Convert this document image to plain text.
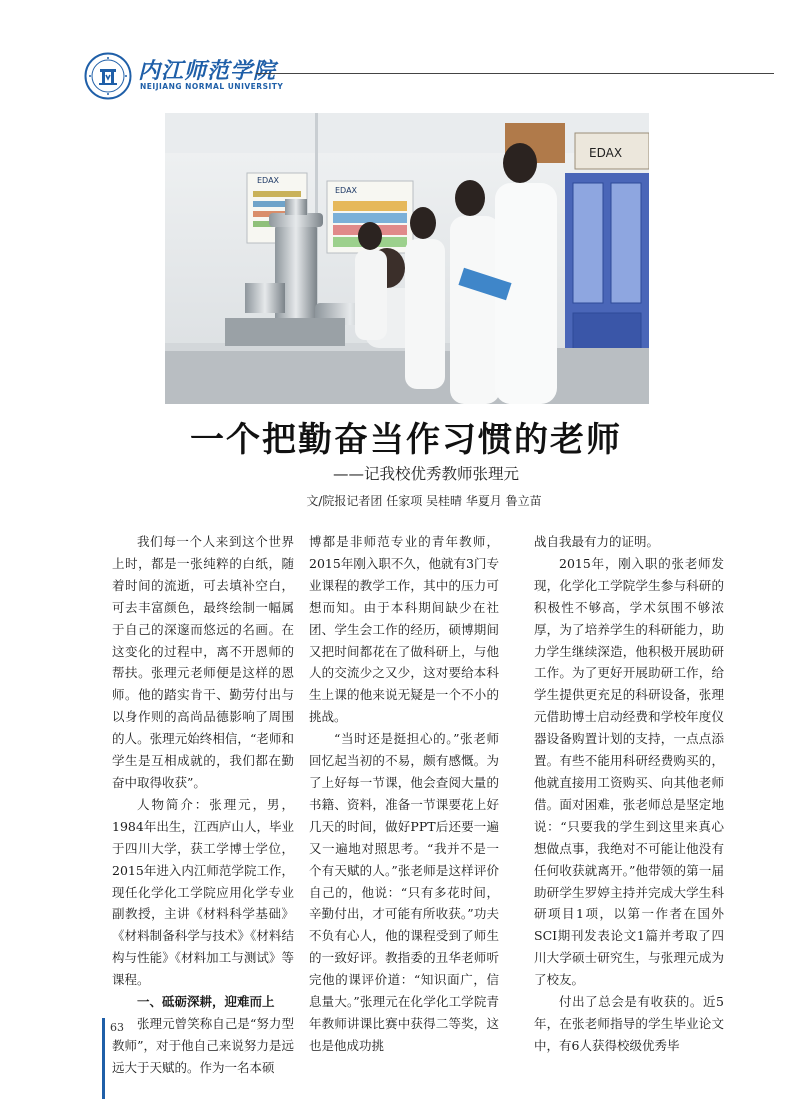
内江师范学院
NEIJIANG NORMAL UNIVERSITY
EDAX
EDAX
EDAX
一个把勤奋当作习惯的老师
——记我校优秀教师张理元
文/院报记者团 任家项 吴桂晴 华夏月 鲁立苗

我们每一个人来到这个世界上时，都是一张纯粹的白纸，随着时间的流逝，可去填补空白，可去丰富颜色，最终绘制一幅属于自己的深邃而悠远的名画。在这变化的过程中，离不开恩师的帮扶。张理元老师便是这样的恩师。他的踏实肯干、勤劳付出与以身作则的高尚品德影响了周围的人。张理元始终相信，“老师和学生是互相成就的，我们都在勤奋中取得收获”。

人物简介：张理元，男，1984年出生，江西庐山人，毕业于四川大学，获工学博士学位，2015年进入内江师范学院工作，现任化学化工学院应用化学专业副教授，主讲《材料科学基础》《材料制备科学与技术》《材料结构与性能》《材料加工与测试》等课程。

一、砥砺深耕，迎难而上

张理元曾笑称自己是“努力型教师”，对于他自己来说努力是远远大于天赋的。作为一名本硕

博都是非师范专业的青年教师，2015年刚入职不久，他就有3门专业课程的教学工作，其中的压力可想而知。由于本科期间缺少在社团、学生会工作的经历，硕博期间又把时间都花在了做科研上，与他人的交流少之又少，这对要给本科生上课的他来说无疑是一个不小的挑战。

“当时还是挺担心的。”张老师回忆起当初的不易，颇有感慨。为了上好每一节课，他会查阅大量的书籍、资料，准备一节课要花上好几天的时间，做好PPT后还要一遍又一遍地对照思考。“我并不是一个有天赋的人。”张老师是这样评价自己的，他说：“只有多花时间，辛勤付出，才可能有所收获。”功夫不负有心人，他的课程受到了师生的一致好评。教指委的丑华老师听完他的课评价道：“知识面广，信息量大。”张理元在化学化工学院青年教师讲课比赛中获得二等奖，这也是他成功挑

战自我最有力的证明。

2015年，刚入职的张老师发现，化学化工学院学生参与科研的积极性不够高，学术氛围不够浓厚，为了培养学生的科研能力，助力学生继续深造，他积极开展助研工作。为了更好开展助研工作，给学生提供更充足的科研设备，张理元借助博士启动经费和学校年度仪器设备购置计划的支持，一点点添置。有些不能用科研经费购买的，他就直接用工资购买、向其他老师借。面对困难，张老师总是坚定地说：“只要我的学生到这里来真心想做点事，我绝对不可能让他没有任何收获就离开。”他带领的第一届助研学生罗婷主持并完成大学生科研项目1项，以第一作者在国外SCI期刊发表论文1篇并考取了四川大学硕士研究生，与张理元成为了校友。

付出了总会是有收获的。近5年，在张老师指导的学生毕业论文中，有6人获得校级优秀毕

63
